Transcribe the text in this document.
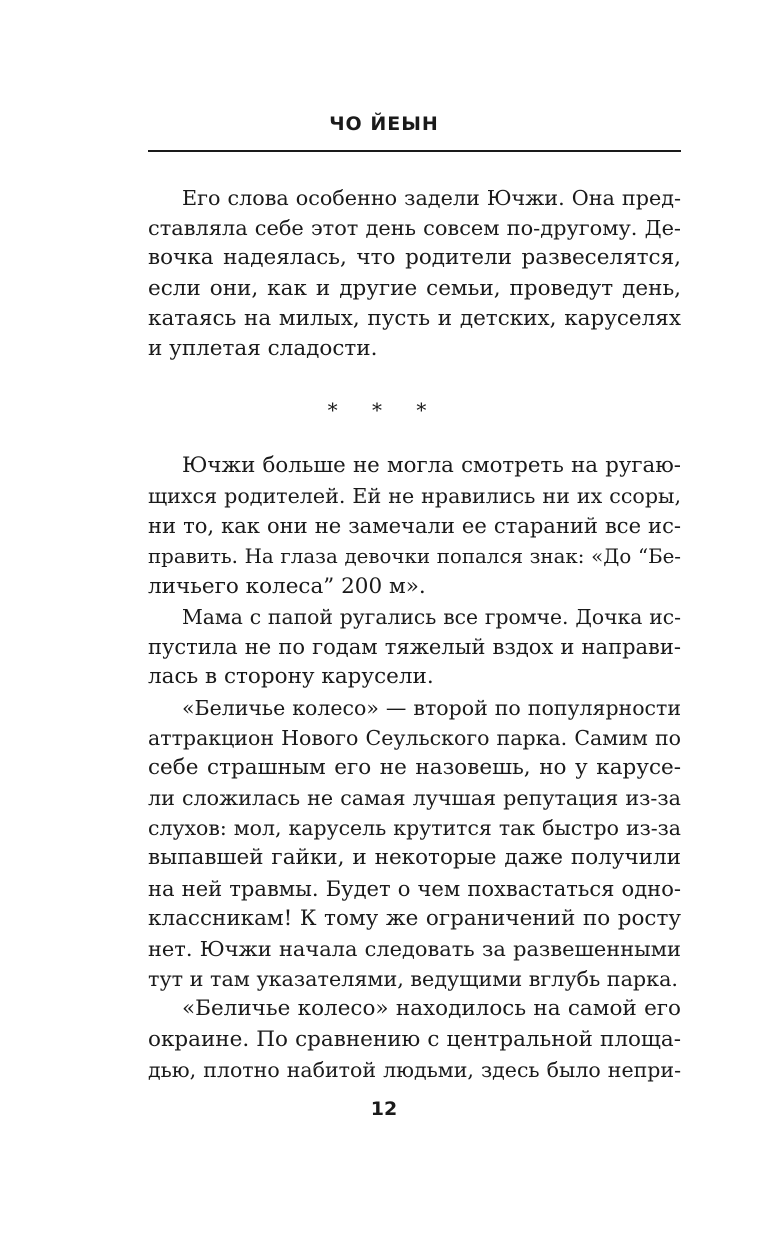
ЧО ЙЕЫН
Его слова особенно задели Ючжи. Она пред-
ставляла себе этот день совсем по-другому. Де-
вочка надеялась, что родители развеселятся,
если они, как и другие семьи, проведут день,
катаясь на милых, пусть и детских, каруселях
и уплетая сладости.
* * *
Ючжи больше не могла смотреть на ругаю-
щихся родителей. Ей не нравились ни их ссоры,
ни то, как они не замечали ее стараний все ис-
править. На глаза девочки попался знак: «До “Бе-
личьего колеса” 200 м».
Мама с папой ругались все громче. Дочка ис-
пустила не по годам тяжелый вздох и направи-
лась в сторону карусели.
«Беличье колесо» — второй по популярности
аттракцион Нового Сеульского парка. Самим по
себе страшным его не назовешь, но у карусе-
ли сложилась не самая лучшая репутация из-за
слухов: мол, карусель крутится так быстро из-за
выпавшей гайки, и некоторые даже получили
на ней травмы. Будет о чем похвастаться одно-
классникам! К тому же ограничений по росту
нет. Ючжи начала следовать за развешенными
тут и там указателями, ведущими вглубь парка.
«Беличье колесо» находилось на самой его
окраине. По сравнению с центральной площа-
дью, плотно набитой людьми, здесь было непри-
12
